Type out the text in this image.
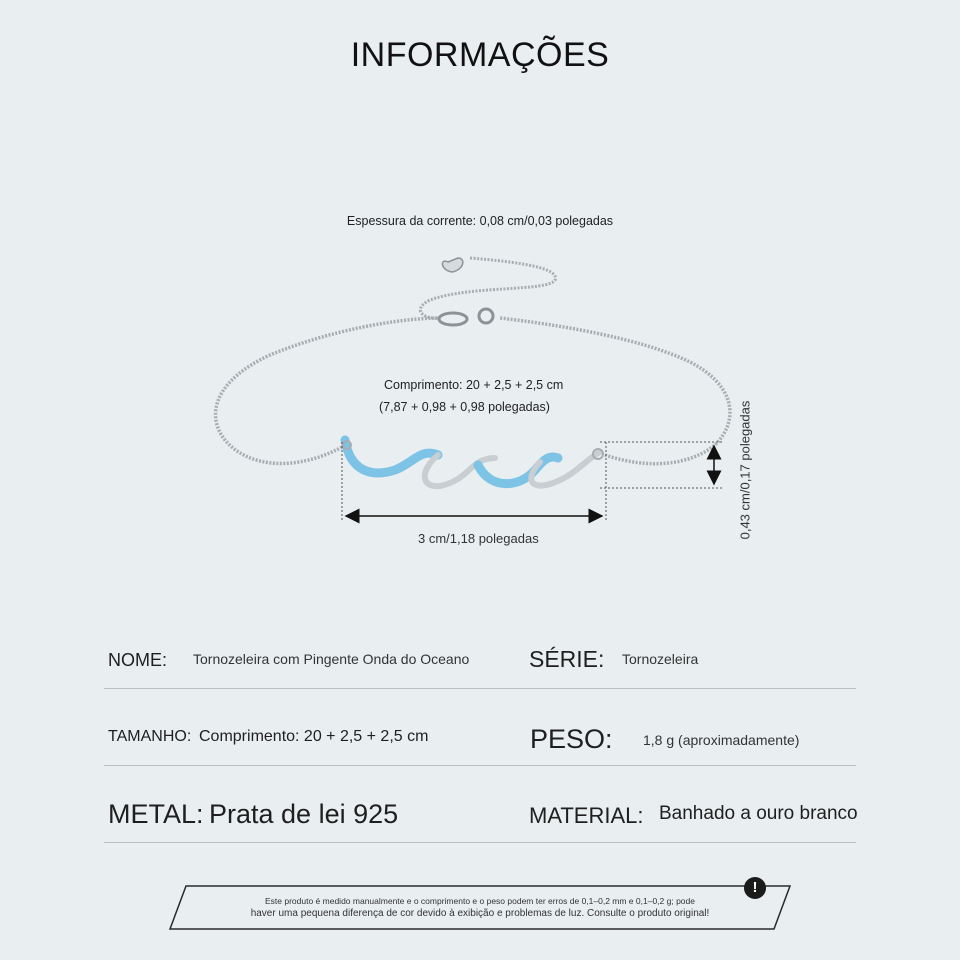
INFORMAÇÕES
Espessura da corrente: 0,08 cm/0,03 polegadas
Comprimento: 20 + 2,5 + 2,5 cm
(7,87 + 0,98 + 0,98 polegadas)
3 cm/1,18 polegadas	0,43 cm/0,17 polegadas
NOME: Tornozeleira com Pingente Onda do Oceano	SÉRIE: Tornozeleira
TAMANHO: Comprimento: 20 + 2,5 + 2,5 cm	PESO: 1,8 g (aproximadamente)
METAL: Prata de lei 925	MATERIAL: Banhado a ouro branco
Este produto é medido manualmente e o comprimento e o peso podem ter erros de 0,1–0,2 mm e 0,1–0,2 g; pode
haver uma pequena diferença de cor devido à exibição e problemas de luz. Consulte o produto original!
!
